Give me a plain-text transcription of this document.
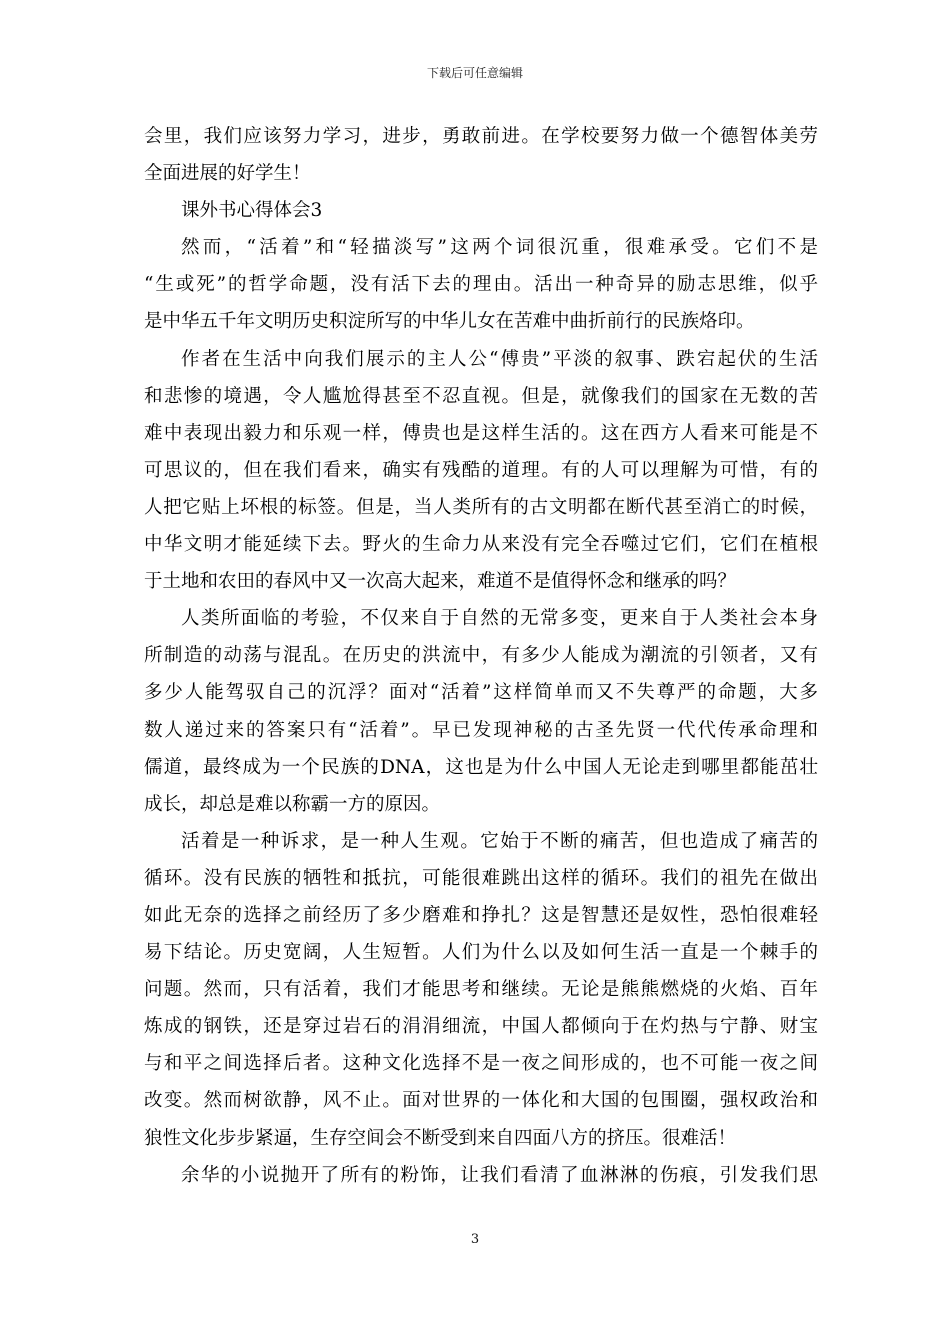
下载后可任意编辑
会里，我们应该努力学习，进步，勇敢前进。在学校要努力做一个德智体美劳
全面进展的好学生！
课外书心得体会3
然而，“活着”和“轻描淡写”这两个词很沉重，很难承受。它们不是
“生或死”的哲学命题，没有活下去的理由。活出一种奇异的励志思维，似乎
是中华五千年文明历史积淀所写的中华儿女在苦难中曲折前行的民族烙印。
作者在生活中向我们展示的主人公“傅贵”平淡的叙事、跌宕起伏的生活
和悲惨的境遇，令人尴尬得甚至不忍直视。但是，就像我们的国家在无数的苦
难中表现出毅力和乐观一样，傅贵也是这样生活的。这在西方人看来可能是不
可思议的，但在我们看来，确实有残酷的道理。有的人可以理解为可惜，有的
人把它贴上坏根的标签。但是，当人类所有的古文明都在断代甚至消亡的时候，
中华文明才能延续下去。野火的生命力从来没有完全吞噬过它们，它们在植根
于土地和农田的春风中又一次高大起来，难道不是值得怀念和继承的吗？
人类所面临的考验，不仅来自于自然的无常多变，更来自于人类社会本身
所制造的动荡与混乱。在历史的洪流中，有多少人能成为潮流的引领者，又有
多少人能驾驭自己的沉浮？面对“活着”这样简单而又不失尊严的命题，大多
数人递过来的答案只有“活着”。早已发现神秘的古圣先贤一代代传承命理和
儒道，最终成为一个民族的DNA，这也是为什么中国人无论走到哪里都能茁壮
成长，却总是难以称霸一方的原因。
活着是一种诉求，是一种人生观。它始于不断的痛苦，但也造成了痛苦的
循环。没有民族的牺牲和抵抗，可能很难跳出这样的循环。我们的祖先在做出
如此无奈的选择之前经历了多少磨难和挣扎？这是智慧还是奴性，恐怕很难轻
易下结论。历史宽阔，人生短暂。人们为什么以及如何生活一直是一个棘手的
问题。然而，只有活着，我们才能思考和继续。无论是熊熊燃烧的火焰、百年
炼成的钢铁，还是穿过岩石的涓涓细流，中国人都倾向于在灼热与宁静、财宝
与和平之间选择后者。这种文化选择不是一夜之间形成的，也不可能一夜之间
改变。然而树欲静，风不止。面对世界的一体化和大国的包围圈，强权政治和
狼性文化步步紧逼，生存空间会不断受到来自四面八方的挤压。很难活！
余华的小说抛开了所有的粉饰，让我们看清了血淋淋的伤痕，引发我们思
3
